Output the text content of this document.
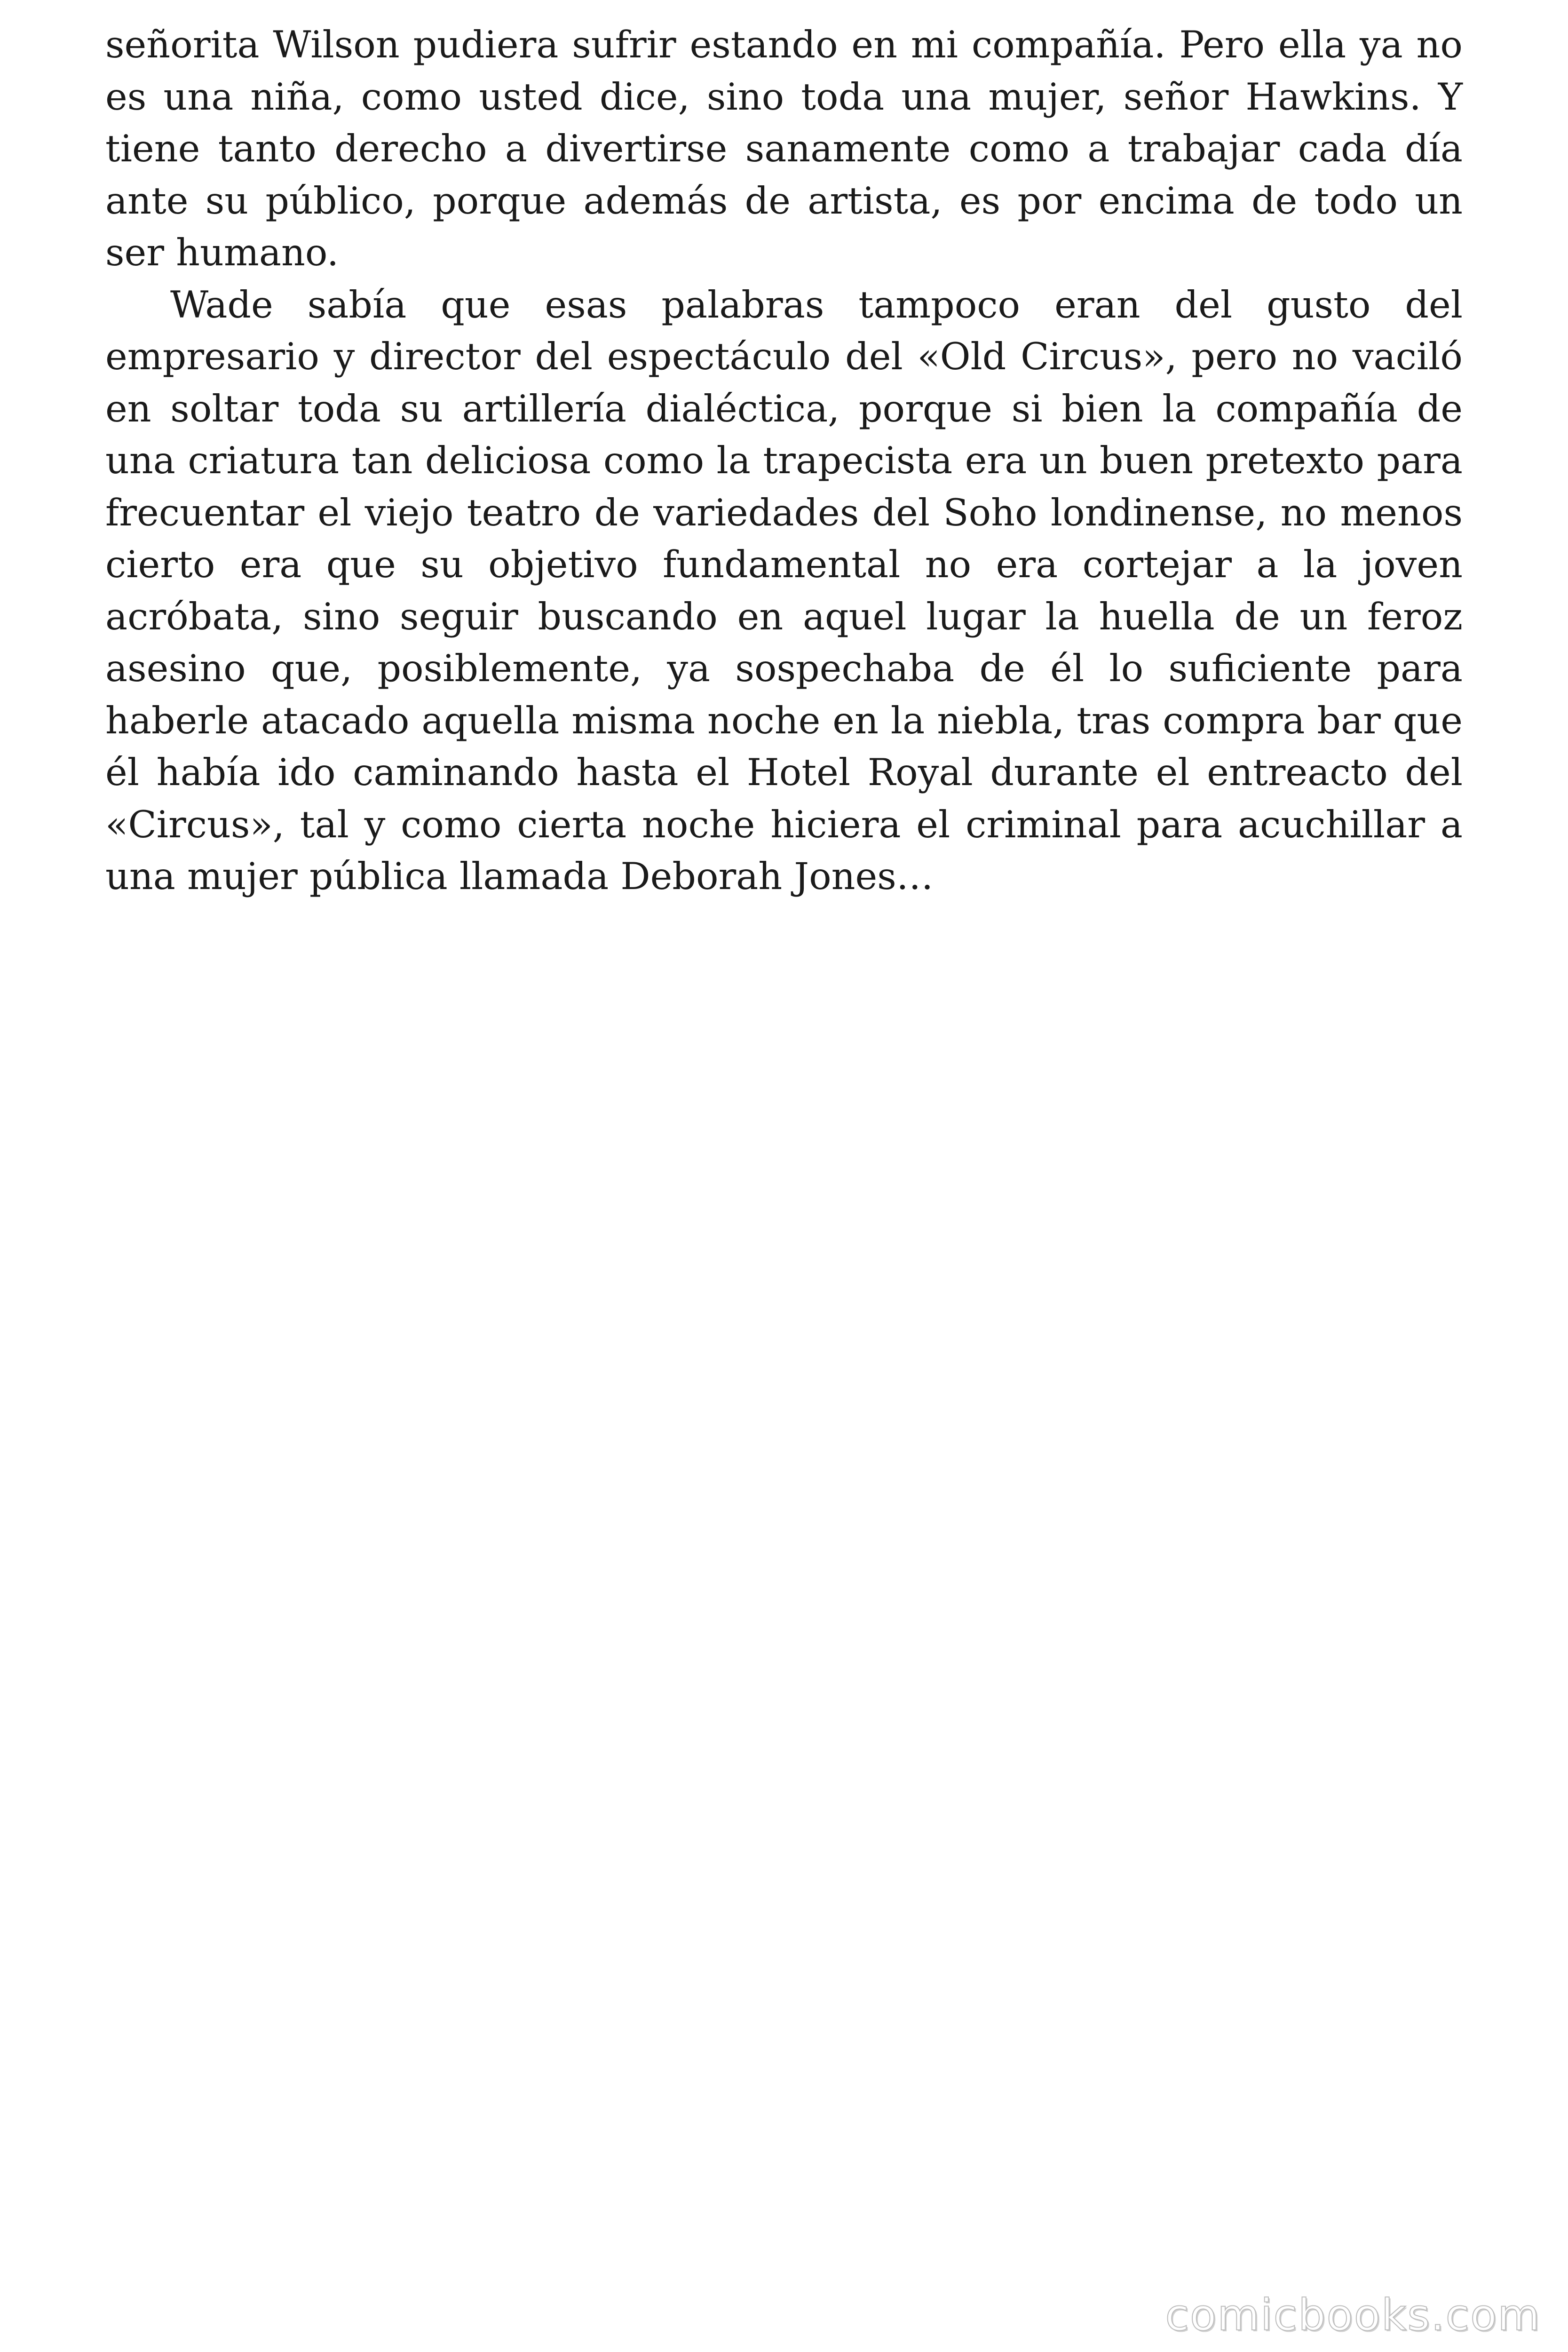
señorita Wilson pudiera sufrir estando en mi compañía. Pero ella ya no es una niña, como usted dice, sino toda una mujer, señor Hawkins. Y tiene tanto derecho a divertirse sanamente como a trabajar cada día ante su público, porque además de artista, es por encima de todo un ser humano.

Wade sabía que esas palabras tampoco eran del gusto del empresario y director del espectáculo del «Old Circus», pero no vaciló en soltar toda su artillería dialéctica, porque si bien la compañía de una criatura tan deliciosa como la trapecista era un buen pretexto para frecuentar el viejo teatro de variedades del Soho londinense, no menos cierto era que su objetivo fundamental no era cortejar a la joven acróbata, sino seguir buscando en aquel lugar la huella de un feroz asesino que, posiblemente, ya sospechaba de él lo suficiente para haberle atacado aquella misma noche en la niebla, tras compra bar que él había ido caminando hasta el Hotel Royal durante el entreacto del «Circus», tal y como cierta noche hiciera el criminal para acuchillar a una mujer pública llamada Deborah Jones…

comicbooks.com
